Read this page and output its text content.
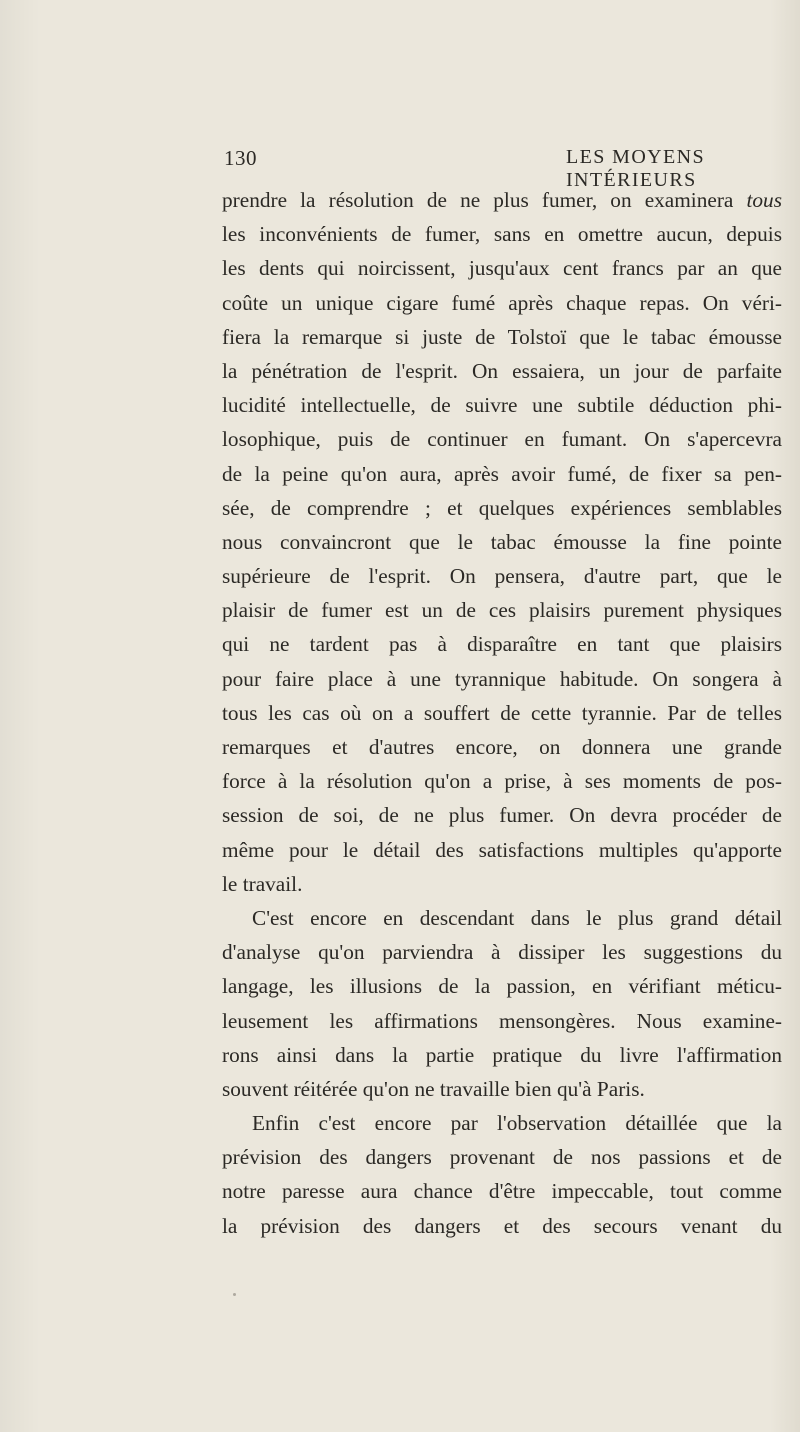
130	LES MOYENS INTÉRIEURS
prendre la résolution de ne plus fumer, on examinera tous
les inconvénients de fumer, sans en omettre aucun, depuis
les dents qui noircissent, jusqu'aux cent francs par an que
coûte un unique cigare fumé après chaque repas. On véri-
fiera la remarque si juste de Tolstoï que le tabac émousse
la pénétration de l'esprit. On essaiera, un jour de parfaite
lucidité intellectuelle, de suivre une subtile déduction phi-
losophique, puis de continuer en fumant. On s'apercevra
de la peine qu'on aura, après avoir fumé, de fixer sa pen-
sée, de comprendre ; et quelques expériences semblables
nous convaincront que le tabac émousse la fine pointe
supérieure de l'esprit. On pensera, d'autre part, que le
plaisir de fumer est un de ces plaisirs purement physiques
qui ne tardent pas à disparaître en tant que plaisirs
pour faire place à une tyrannique habitude. On songera à
tous les cas où on a souffert de cette tyrannie. Par de telles
remarques et d'autres encore, on donnera une grande
force à la résolution qu'on a prise, à ses moments de pos-
session de soi, de ne plus fumer. On devra procéder de
même pour le détail des satisfactions multiples qu'apporte
le travail.
C'est encore en descendant dans le plus grand détail
d'analyse qu'on parviendra à dissiper les suggestions du
langage, les illusions de la passion, en vérifiant méticu-
leusement les affirmations mensongères. Nous examine-
rons ainsi dans la partie pratique du livre l'affirmation
souvent réitérée qu'on ne travaille bien qu'à Paris.
Enfin c'est encore par l'observation détaillée que la
prévision des dangers provenant de nos passions et de
notre paresse aura chance d'être impeccable, tout comme
la prévision des dangers et des secours venant du
